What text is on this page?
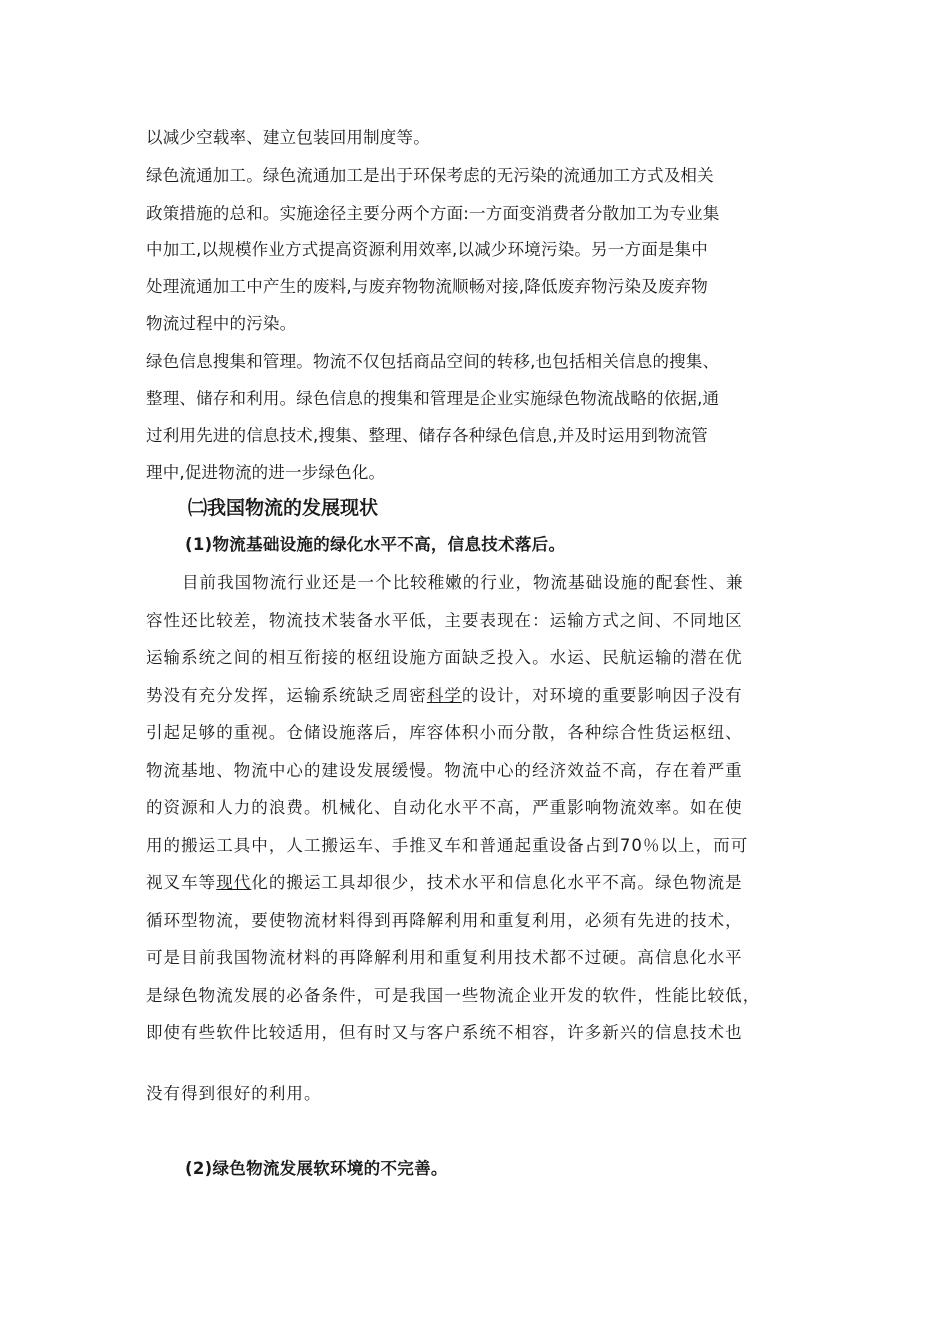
以减少空载率、建立包装回用制度等。
绿色流通加工。绿色流通加工是出于环保考虑的无污染的流通加工方式及相关
政策措施的总和。实施途径主要分两个方面:一方面变消费者分散加工为专业集
中加工,以规模作业方式提高资源利用效率,以减少环境污染。另一方面是集中
处理流通加工中产生的废料,与废弃物物流顺畅对接,降低废弃物污染及废弃物
物流过程中的污染。
绿色信息搜集和管理。物流不仅包括商品空间的转移,也包括相关信息的搜集、
整理、储存和利用。绿色信息的搜集和管理是企业实施绿色物流战略的依据,通
过利用先进的信息技术,搜集、整理、储存各种绿色信息,并及时运用到物流管
理中,促进物流的进一步绿色化。
㈡我国物流的发展现状
(1)物流基础设施的绿化水平不高，信息技术落后。
目前我国物流行业还是一个比较稚嫩的行业，物流基础设施的配套性、兼
容性还比较差，物流技术装备水平低，主要表现在：运输方式之间、不同地区
运输系统之间的相互衔接的枢纽设施方面缺乏投入。水运、民航运输的潜在优
势没有充分发挥，运输系统缺乏周密科学的设计，对环境的重要影响因子没有
引起足够的重视。仓储设施落后，库容体积小而分散，各种综合性货运枢纽、
物流基地、物流中心的建设发展缓慢。物流中心的经济效益不高，存在着严重
的资源和人力的浪费。机械化、自动化水平不高，严重影响物流效率。如在使
用的搬运工具中，人工搬运车、手推叉车和普通起重设备占到70％以上，而可
视叉车等现代化的搬运工具却很少，技术水平和信息化水平不高。绿色物流是
循环型物流，要使物流材料得到再降解利用和重复利用，必须有先进的技术，
可是目前我国物流材料的再降解利用和重复利用技术都不过硬。高信息化水平
是绿色物流发展的必备条件，可是我国一些物流企业开发的软件，性能比较低，
即使有些软件比较适用，但有时又与客户系统不相容，许多新兴的信息技术也
没有得到很好的利用。
(2)绿色物流发展软环境的不完善。
